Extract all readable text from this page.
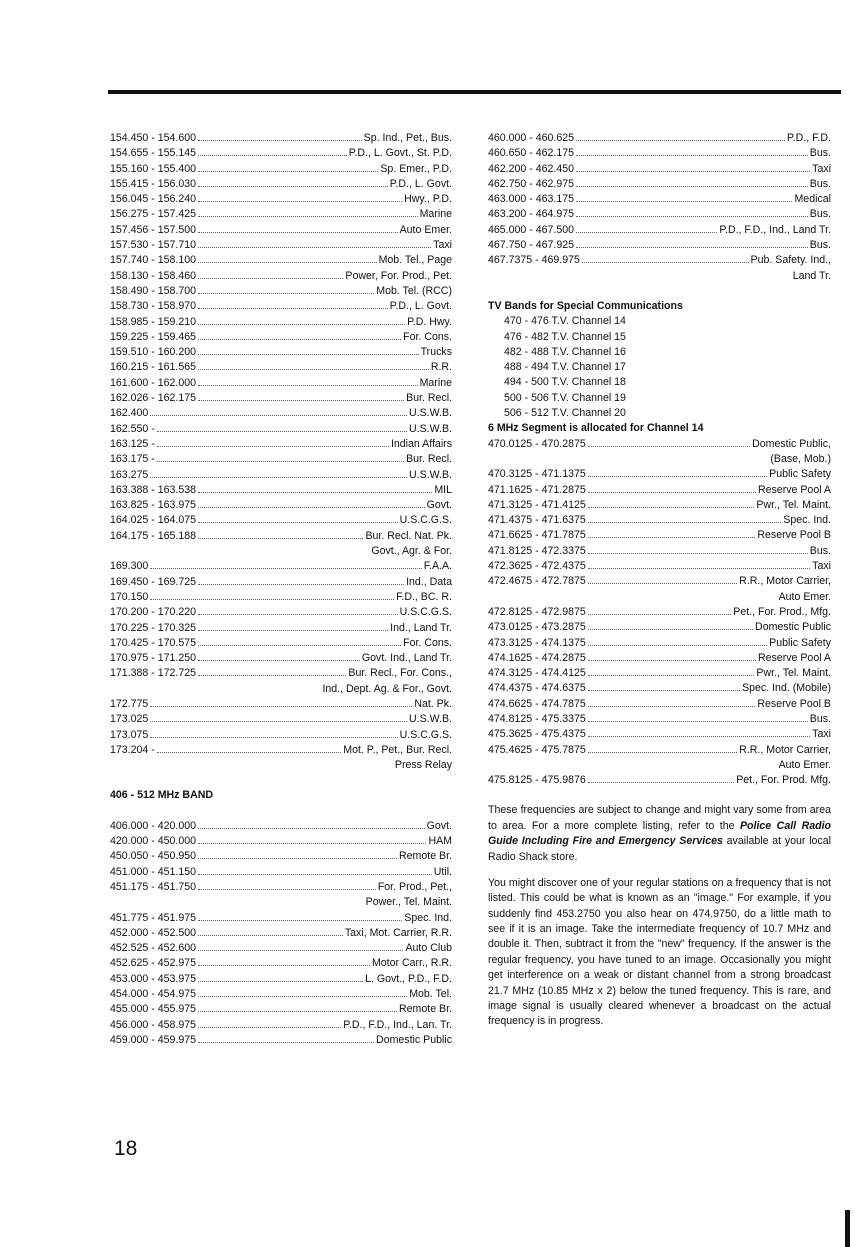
154.450 - 154.600	Sp. Ind., Pet., Bus.
154.655 - 155.145	P.D., L. Govt., St. P.D.
155.160 - 155.400	Sp. Emer., P.D.
155.415 - 156.030	P.D., L. Govt.
156.045 - 156.240	Hwy., P.D.
156.275 - 157.425	Marine
157.456 - 157.500	Auto Emer.
157.530 - 157.710	Taxi
157.740 - 158.100	Mob. Tel., Page
158.130 - 158.460	Power, For. Prod., Pet.
158.490 - 158.700	Mob. Tel. (RCC)
158.730 - 158.970	P.D., L. Govt.
158.985 - 159.210	P.D. Hwy.
159.225 - 159.465	For. Cons.
159.510 - 160.200	Trucks
160.215 - 161.565	R.R.
161.600 - 162.000	Marine
162.026 - 162.175	Bur. Recl.
162.400	U.S.W.B.
162.550 -	U.S.W.B.
163.125 -	Indian Affairs
163.175 -	Bur. Recl.
163.275	U.S.W.B.
163.388 - 163.538	MIL
163.825 - 163.975	Govt.
164.025 - 164.075	U.S.C.G.S.
164.175 - 165.188	Bur. Recl. Nat. Pk.
Govt., Agr. & For.
169.300	F.A.A.
169.450 - 169.725	Ind., Data
170.150	F.D., BC. R.
170.200 - 170.220	U.S.C.G.S.
170.225 - 170.325	Ind., Land Tr.
170.425 - 170.575	For. Cons.
170.975 - 171.250	Govt. Ind., Land Tr.
171.388 - 172.725	Bur. Recl., For. Cons.,
Ind., Dept. Ag. & For., Govt.
172.775	Nat. Pk.
173.025	U.S.W.B.
173.075	U.S.C.G.S.
173.204 -	Mot. P., Pet., Bur. Recl.
Press Relay
406 - 512 MHz BAND
406.000 - 420.000	Govt.
420.000 - 450.000	HAM
450.050 - 450.950	Remote Br.
451.000 - 451.150	Util.
451.175 - 451.750	For. Prod., Pet.,
Power., Tel. Maint.
451.775 - 451.975	Spec. Ind.
452.000 - 452.500	Taxi, Mot. Carrier, R.R.
452.525 - 452.600	Auto Club
452.625 - 452.975	Motor Carr., R.R.
453.000 - 453.975	L. Govt., P.D., F.D.
454.000 - 454.975	Mob. Tel.
455.000 - 455.975	Remote Br.
456.000 - 458.975	P.D., F.D., Ind., Lan. Tr.
459.000 - 459.975	Domestic Public
460.000 - 460.625	P.D., F.D.
460.650 - 462.175	Bus.
462.200 - 462.450	Taxi
462.750 - 462.975	Bus.
463.000 - 463.175	Medical
463.200 - 464.975	Bus.
465.000 - 467.500	P.D., F.D., Ind., Land Tr.
467.750 - 467.925	Bus.
467.7375 - 469.975	Pub. Safety. Ind.,
Land Tr.
TV Bands for Special Communications
470 - 476 T.V. Channel 14
476 - 482 T.V. Channel 15
482 - 488 T.V. Channel 16
488 - 494 T.V. Channel 17
494 - 500 T.V. Channel 18
500 - 506 T.V. Channel 19
506 - 512 T.V. Channel 20
6 MHz Segment is allocated for Channel 14
470.0125 - 470.2875	Domestic Public,
(Base, Mob.)
470.3125 - 471.1375	Public Safety
471.1625 - 471.2875	Reserve Pool A
471.3125 - 471.4125	Pwr., Tel. Maint.
471.4375 - 471.6375	Spec. Ind.
471.6625 - 471.7875	Reserve Pool B
471.8125 - 472.3375	Bus.
472.3625 - 472.4375	Taxi
472.4675 - 472.7875	R.R., Motor Carrier,
Auto Emer.
472.8125 - 472.9875	Pet., For. Prod., Mfg.
473.0125 - 473.2875	Domestic Public
473.3125 - 474.1375	Public Safety
474.1625 - 474.2875	Reserve Pool A
474.3125 - 474.4125	Pwr., Tel. Maint.
474.4375 - 474.6375	Spec. Ind. (Mobile)
474.6625 - 474.7875	Reserve Pool B
474.8125 - 475.3375	Bus.
475.3625 - 475.4375	Taxi
475.4625 - 475.7875	R.R., Motor Carrier,
Auto Emer.
475.8125 - 475.9876	Pet., For. Prod. Mfg.

These frequencies are subject to change and might vary some from area to area. For a more complete listing, refer to the Police Call Radio Guide Including Fire and Emergency Services available at your local Radio Shack store.

You might discover one of your regular stations on a frequency that is not listed. This could be what is known as an "image." For example, if you suddenly find 453.2750 you also hear on 474.9750, do a little math to see if it is an image. Take the intermediate frequency of 10.7 MHz and double it. Then, subtract it from the "new" frequency. If the answer is the regular frequency, you have tuned to an image. Occasionally you might get interference on a weak or distant channel from a strong broadcast 21.7 MHz (10.85 MHz x 2) below the tuned frequency. This is rare, and image signal is usually cleared whenever a broadcast on the actual frequency is in progress.

18
